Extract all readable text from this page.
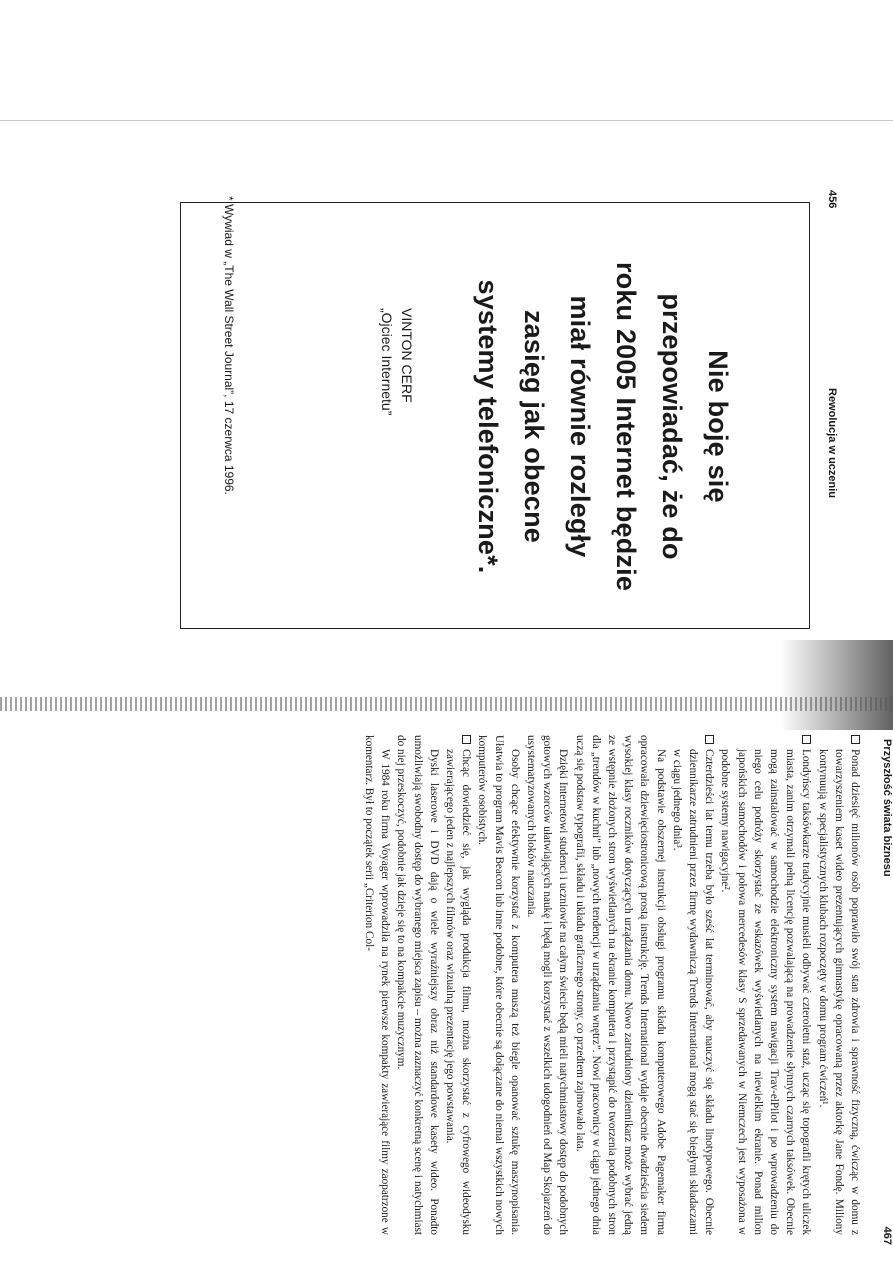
456
Rewolucja w uczeniu
Nie boję się
przepowiadać, że do
roku 2005 Internet będzie
miał równie rozległy
zasięg jak obecne
systemy telefoniczne*.
VINTON CERF
„Ojciec Internetu”
* Wywiad w „The Wall Street Journal”, 17 czerwca 1996.
Przyszłość świata biznesu
467

Ponad dziesięć milionów osób poprawiło swój stan zdrowia i sprawność fizyczną, ćwicząc w domu z towarzyszeniem kaset wideo prezentujących gimnastykę opracowaną przez aktorkę Jane Fondę. Miliony kontynuują w specjalistycznych klubach rozpoczęty w domu program ćwiczeń¹.

Londyńscy taksówkarze tradycyjnie musieli odbywać czteroletni staż, ucząc się topografii krętych uliczek miasta, zanim otrzymali pełną licencję pozwalającą na prowadzenie słynnych czarnych taksówek. Obecnie mogą zainstalować w samochodzie elektroniczny system nawigacji Trav-elPilot i po wprowadzeniu do niego celu podróży skorzystać ze wskazówek wyświetlanych na niewielkim ekranie. Ponad milion japońskich samochodów i połowa mercedesów klasy S sprzedawanych w Niemczech jest wyposażona w podobne systemy nawigacyjne².

Czterdzieści lat temu trzeba było sześć lat terminować, aby nauczyć się składu linotypowego. Obecnie dziennikarze zatrudnieni przez firmę wydawniczą Trends International mogą stać się biegłymi składaczami w ciągu jednego dnia³.

Na podstawie obszernej instrukcji obsługi programu składu komputerowego Adobe Pagemaker firma opracowała dziewięciostronicową prostą instrukcję. Trends International wydaje obecnie dwadzieścia siedem wysokiej klasy roczników dotyczących urządzania domu. Nowo zatrudniony dziennikarz może wybrać jedną ze wstępnie złożonych stron wyświetlanych na ekranie komputera i przystąpić do tworzenia podobnych stron dla „trendów w kuchni” lub „nowych tendencji w urządzaniu wnętrz”. Nowi pracownicy w ciągu jednego dnia uczą się podstaw typografii, składu i układu graficznego strony, co przedtem zajmowało lata.

Dzięki Internetowi studenci i uczniowie na całym świecie będą mieli natychmiastowy dostęp do podobnych gotowych wzorców ułatwiających naukę i będą mogli korzystać z wszelkich udogodnień od Map Skojarzeń do usystematyzowanych bloków nauczania.

Osoby chcące efektywnie korzystać z komputera muszą też biegle opanować sztukę maszynopisania. Ułatwia to program Mavis Beacon lub inne podobne, które obecnie są dołączane do niemal wszystkich nowych komputerów osobistych.

Chcąc dowiedzieć się, jak wygląda produkcja filmu, można skorzystać z cyfrowego wideodysku zawierającego jeden z najlepszych filmów oraz wizualną prezentację jego powstawania.

Dyski laserowe i DVD dają o wiele wyraźniejszy obraz niż standardowe kasety wideo. Ponadto umożliwiają swobodny dostęp do wybranego miejsca zapisu – można zaznaczyć konkretną scenę i natychmiast do niej przeskoczyć, podobnie jak dzieje się to na kompakcie muzycznym.

W 1984 roku firma Voyager wprowadziła na rynek pierwsze kompakty zawierające filmy zaopatrzone w komentarz. Był to początek serii „Criterion Col-
